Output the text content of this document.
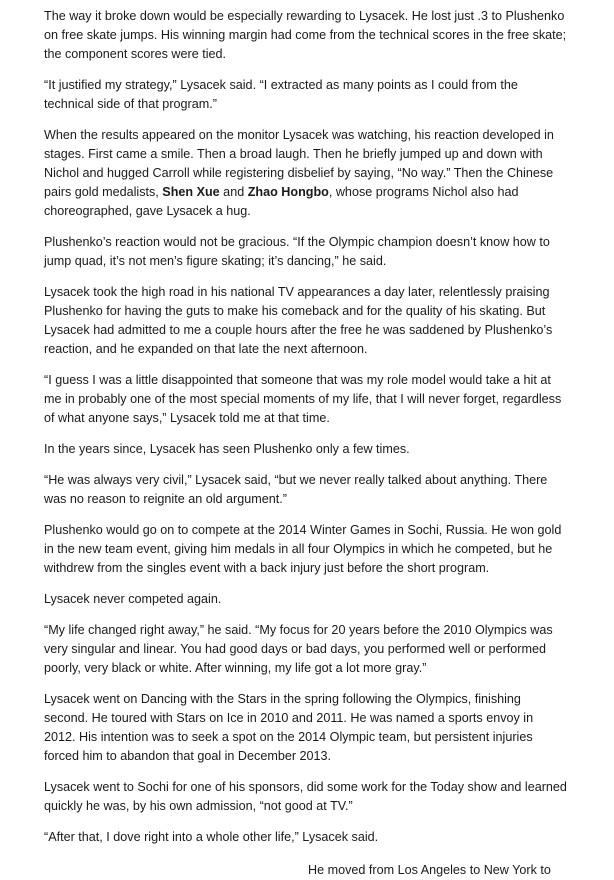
The way it broke down would be especially rewarding to Lysacek. He lost just .3 to Plushenko on free skate jumps. His winning margin had come from the technical scores in the free skate; the component scores were tied.

“It justified my strategy,” Lysacek said. “I extracted as many points as I could from the technical side of that program.”

When the results appeared on the monitor Lysacek was watching, his reaction developed in stages. First came a smile. Then a broad laugh. Then he briefly jumped up and down with Nichol and hugged Carroll while registering disbelief by saying, “No way.” Then the Chinese pairs gold medalists, Shen Xue and Zhao Hongbo, whose programs Nichol also had choreographed, gave Lysacek a hug.

Plushenko’s reaction would not be gracious. “If the Olympic champion doesn’t know how to jump quad, it’s not men’s figure skating; it’s dancing,” he said.

Lysacek took the high road in his national TV appearances a day later, relentlessly praising Plushenko for having the guts to make his comeback and for the quality of his skating. But Lysacek had admitted to me a couple hours after the free he was saddened by Plushenko’s reaction, and he expanded on that late the next afternoon.

“I guess I was a little disappointed that someone that was my role model would take a hit at me in probably one of the most special moments of my life, that I will never forget, regardless of what anyone says,” Lysacek told me at that time.

In the years since, Lysacek has seen Plushenko only a few times.

“He was always very civil,” Lysacek said, “but we never really talked about anything. There was no reason to reignite an old argument.”

Plushenko would go on to compete at the 2014 Winter Games in Sochi, Russia. He won gold in the new team event, giving him medals in all four Olympics in which he competed, but he withdrew from the singles event with a back injury just before the short program.

Lysacek never competed again.

“My life changed right away,” he said. “My focus for 20 years before the 2010 Olympics was very singular and linear. You had good days or bad days, you performed well or performed poorly, very black or white. After winning, my life got a lot more gray.”

Lysacek went on Dancing with the Stars in the spring following the Olympics, finishing second. He toured with Stars on Ice in 2010 and 2011. He was named a sports envoy in 2012. His intention was to seek a spot on the 2014 Olympic team, but persistent injuries forced him to abandon that goal in December 2013.

Lysacek went to Sochi for one of his sponsors, did some work for the Today show and learned quickly he was, by his own admission, “not good at TV.”

“After that, I dove right into a whole other life,” Lysacek said.

He moved from Los Angeles to New York to
